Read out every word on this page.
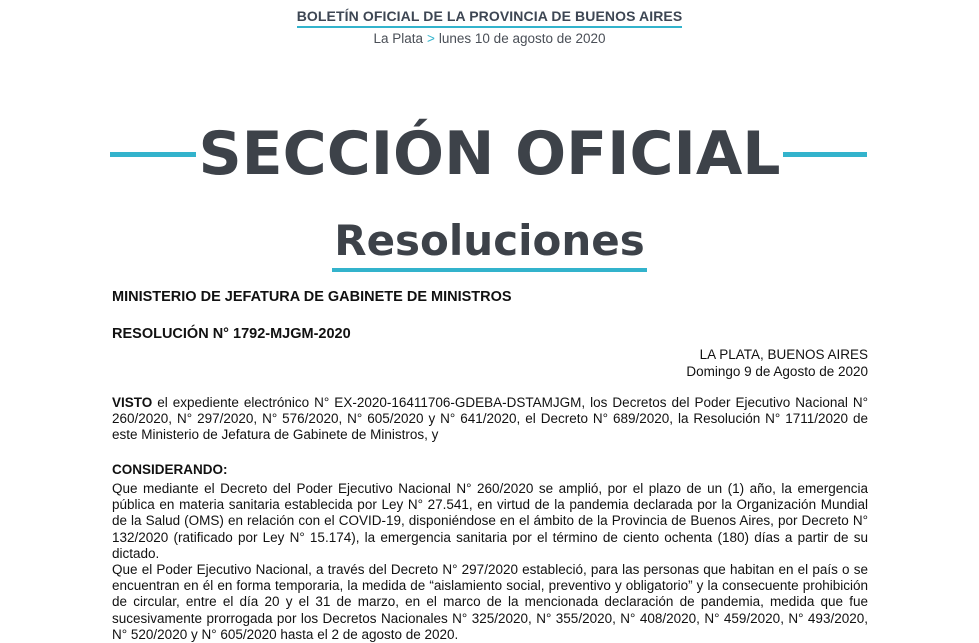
BOLETÍN OFICIAL DE LA PROVINCIA DE BUENOS AIRES
La Plata > lunes 10 de agosto de 2020
SECCIÓN OFICIAL
Resoluciones
MINISTERIO DE JEFATURA DE GABINETE DE MINISTROS
RESOLUCIÓN N° 1792-MJGM-2020
LA PLATA, BUENOS AIRES
Domingo 9 de Agosto de 2020
VISTO el expediente electrónico N° EX-2020-16411706-GDEBA-DSTAMJGM, los Decretos del Poder Ejecutivo Nacional N° 260/2020, N° 297/2020, N° 576/2020, N° 605/2020 y N° 641/2020, el Decreto N° 689/2020, la Resolución N° 1711/2020 de este Ministerio de Jefatura de Gabinete de Ministros, y
CONSIDERANDO:
Que mediante el Decreto del Poder Ejecutivo Nacional N° 260/2020 se amplió, por el plazo de un (1) año, la emergencia pública en materia sanitaria establecida por Ley N° 27.541, en virtud de la pandemia declarada por la Organización Mundial de la Salud (OMS) en relación con el COVID-19, disponiéndose en el ámbito de la Provincia de Buenos Aires, por Decreto N° 132/2020 (ratificado por Ley N° 15.174), la emergencia sanitaria por el término de ciento ochenta (180) días a partir de su dictado.
Que el Poder Ejecutivo Nacional, a través del Decreto N° 297/2020 estableció, para las personas que habitan en el país o se encuentran en él en forma temporaria, la medida de “aislamiento social, preventivo y obligatorio” y la consecuente prohibición de circular, entre el día 20 y el 31 de marzo, en el marco de la mencionada declaración de pandemia, medida que fue sucesivamente prorrogada por los Decretos Nacionales N° 325/2020, N° 355/2020, N° 408/2020, N° 459/2020, N° 493/2020, N° 520/2020 y N° 605/2020 hasta el 2 de agosto de 2020.
